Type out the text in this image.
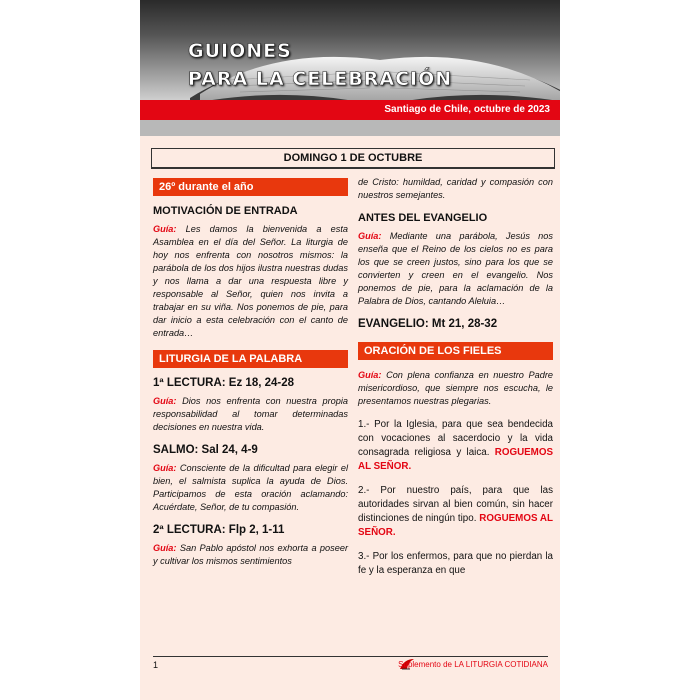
GUIONES
PARA LA CELEBRACIÓN
Santiago de Chile, octubre de 2023
DOMINGO 1 DE OCTUBRE
26º durante el año
MOTIVACIÓN DE ENTRADA

Guía: Les damos la bienvenida a esta Asamblea en el día del Señor. La liturgia de hoy nos enfrenta con nosotros mismos: la parábola de los dos hijos ilustra nuestras dudas y nos llama a dar una respuesta libre y responsable al Señor, quien nos invita a trabajar en su viña. Nos ponemos de pie, para dar inicio a esta celebración con el canto de entrada…

LITURGIA DE LA PALABRA
1ª LECTURA: Ez 18, 24-28

Guía: Dios nos enfrenta con nuestra propia responsabilidad al tomar determinadas decisiones en nuestra vida.

SALMO: Sal 24, 4-9

Guía: Consciente de la dificultad para elegir el bien, el salmista suplica la ayuda de Dios. Participamos de esta oración aclamando: Acuérdate, Señor, de tu compasión.

2ª LECTURA: Flp 2, 1-11

Guía: San Pablo apóstol nos exhorta a poseer y cultivar los mismos sentimientos

de Cristo: humildad, caridad y compasión con nuestros semejantes.

ANTES DEL EVANGELIO

Guía: Mediante una parábola, Jesús nos enseña que el Reino de los cielos no es para los que se creen justos, sino para los que se convierten y creen en el evangelio. Nos ponemos de pie, para la aclamación de la Palabra de Dios, cantando Aleluia…

EVANGELIO: Mt 21, 28-32
ORACIÓN DE LOS FIELES

Guía: Con plena confianza en nuestro Padre misericordioso, que siempre nos escucha, le presentamos nuestras plegarias.

1.- Por la Iglesia, para que sea bendecida con vocaciones al sacerdocio y la vida consagrada religiosa y laica. ROGUEMOS AL SEÑOR.

2.- Por nuestro país, para que las autoridades sirvan al bien común, sin hacer distinciones de ningún tipo. ROGUEMOS AL SEÑOR.

3.- Por los enfermos, para que no pierdan la fe y la esperanza en que

1	Suplemento de LA LITURGIA COTIDIANA
